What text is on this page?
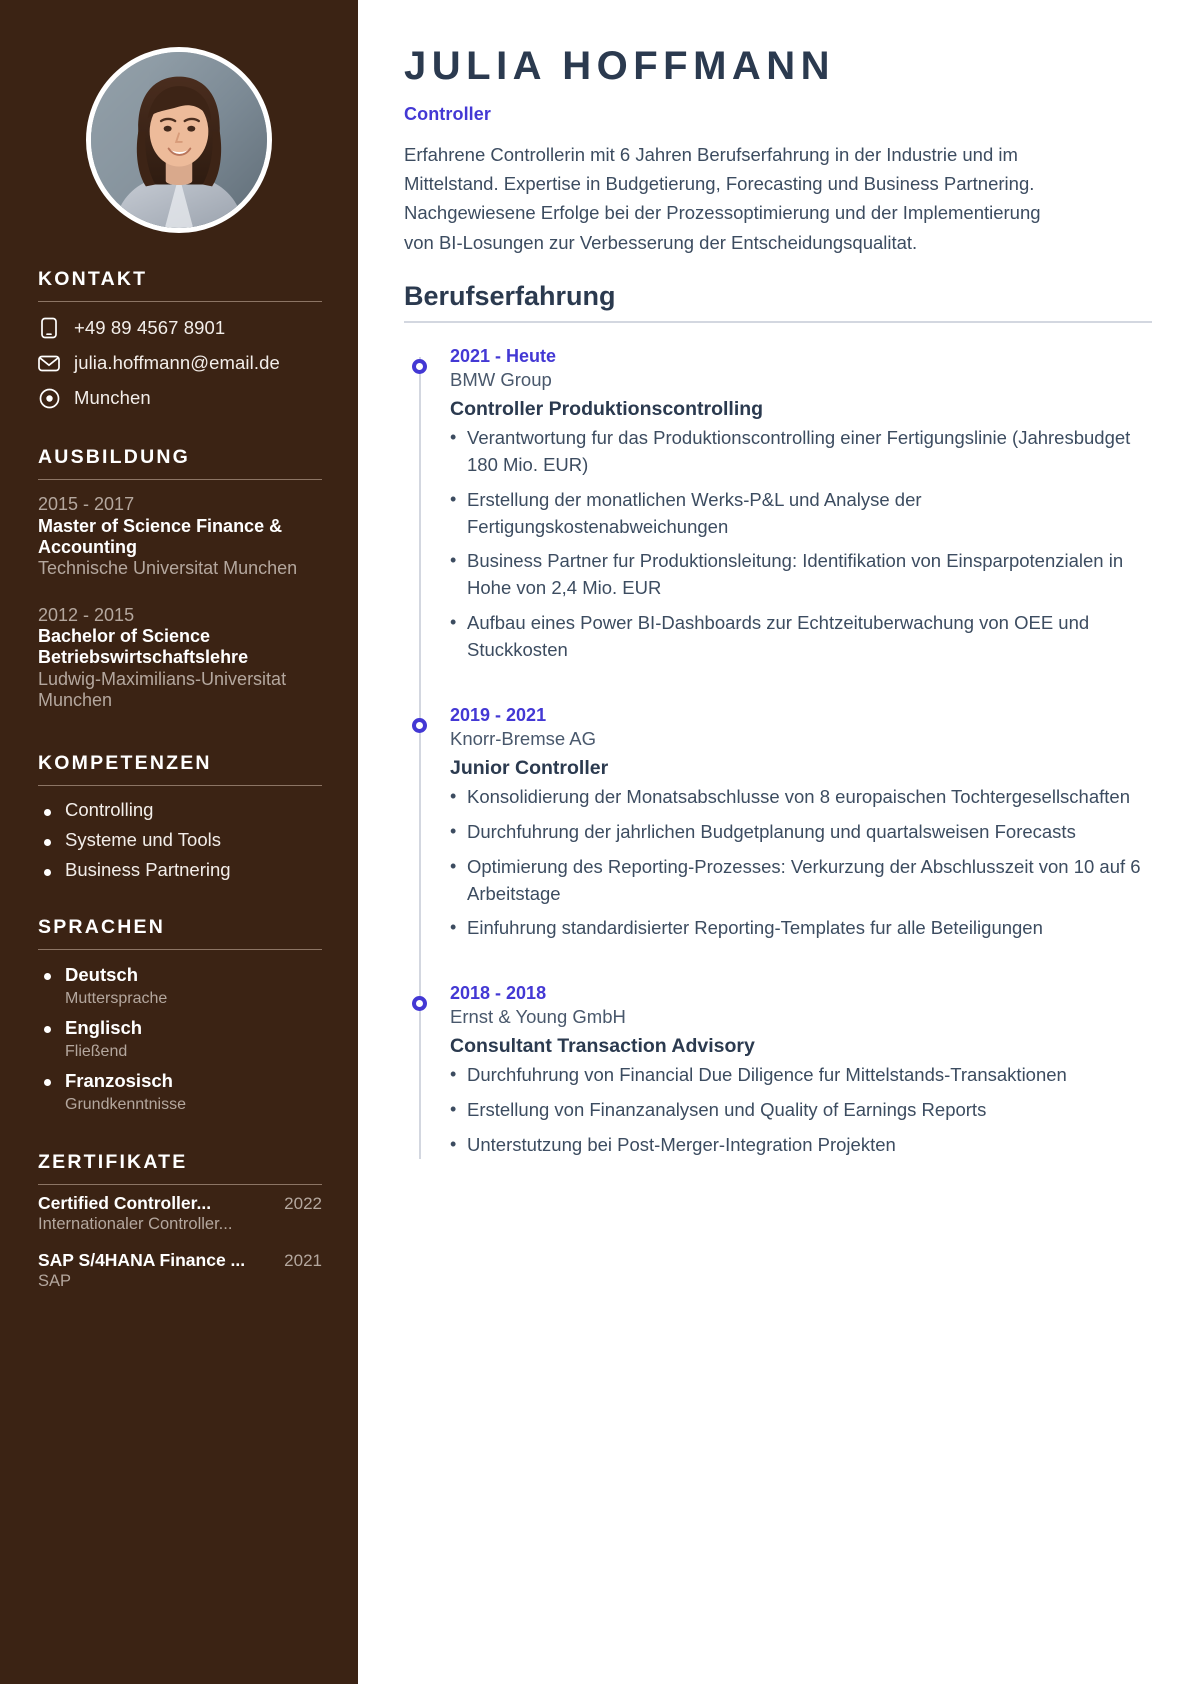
KONTAKT
+49 89 4567 8901
julia.hoffmann@email.de
Munchen
AUSBILDUNG
2015 - 2017
Master of Science Finance & Accounting
Technische Universitat Munchen
2012 - 2015
Bachelor of Science Betriebswirtschaftslehre
Ludwig-Maximilians-Universitat Munchen
KOMPETENZEN
Controlling
Systeme und Tools
Business Partnering
SPRACHEN
Deutsch
Muttersprache
Englisch
Fließend
Franzosisch
Grundkenntnisse
ZERTIFIKATE
Certified Controller...	2022
Internationaler Controller...
SAP S/4HANA Finance ... 2021
SAP
JULIA HOFFMANN
Controller

Erfahrene Controllerin mit 6 Jahren Berufserfahrung in der Industrie und im Mittelstand. Expertise in Budgetierung, Forecasting und Business Partnering. Nachgewiesene Erfolge bei der Prozessoptimierung und der Implementierung von BI-Losungen zur Verbesserung der Entscheidungsqualitat.

Berufserfahrung
2021 - Heute
BMW Group
Controller Produktionscontrolling
• Verantwortung fur das Produktionscontrolling einer Fertigungslinie (Jahresbudget 180 Mio. EUR)
• Erstellung der monatlichen Werks-P&L und Analyse der Fertigungskostenabweichungen
• Business Partner fur Produktionsleitung: Identifikation von Einsparpotenzialen in Hohe von 2,4 Mio. EUR
• Aufbau eines Power BI-Dashboards zur Echtzeituberwachung von OEE und Stuckkosten
2019 - 2021
Knorr-Bremse AG
Junior Controller
• Konsolidierung der Monatsabschlusse von 8 europaischen Tochtergesellschaften
• Durchfuhrung der jahrlichen Budgetplanung und quartalsweisen Forecasts
• Optimierung des Reporting-Prozesses: Verkurzung der Abschlusszeit von 10 auf 6 Arbeitstage
• Einfuhrung standardisierter Reporting-Templates fur alle Beteiligungen
2018 - 2018
Ernst & Young GmbH
Consultant Transaction Advisory
• Durchfuhrung von Financial Due Diligence fur Mittelstands-Transaktionen
• Erstellung von Finanzanalysen und Quality of Earnings Reports
• Unterstutzung bei Post-Merger-Integration Projekten
